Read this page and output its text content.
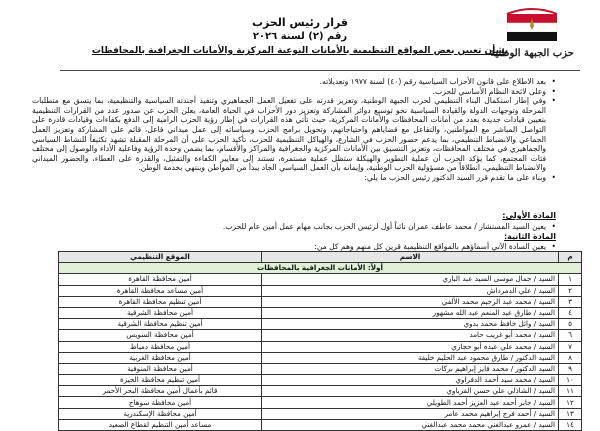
حزب الجبهة الوطنية
قرار رئيس الحزب
رقم (٢) لسنة ٢٠٢٦
بشأن تعيين بعض المواقع التنظيمية بالأمانات النوعية المركزية والأمانات الجغرافية بالمحافظات

• بعد الاطلاع على قانون الأحزاب السياسية رقم (٤٠) لسنة ١٩٧٧ وتعديلاته.

• وعلى لائحة النظام الأساسي للحزب.

• وفي إطار استكمال البناء التنظيمي لحزب الجبهة الوطنية، وتعزيز قدرته على تفعيل العمل الجماهيري وتنفيذ أجندته السياسية والتنظيمية، بما يتسق مع متطلبات المرحلة وتوجهات الدولة والقيادة السياسية نحو توسيع دوائر المشاركة وتعزيز دور الأحزاب في الحياة العامة، يعلن الحزب عن صدور عدد من القرارات التنظيمية بتعيين قيادات جديدة بعدد من أمانات المحافظات والأمانات المركزية، حيث تأتي هذه القرارات في إطار رؤية الحزب الرامية إلى الدفع بكفاءات وقيادات قادرة على التواصل المباشر مع المواطنين، والتفاعل مع قضاياهم واحتياجاتهم، وتحويل برامج الحزب وسياساته إلى عمل ميداني فاعل، قائم على المشاركة وتعزيز العمل الجماعي والانضباط التنظيمي، بما يدعم حضور الحزب في الشارع، والهياكل التنظيمية للحزب، تأكيد الحزب على أن المرحلة المقبلة تشهد تكثيفاً للنشاط السياسي والجماهيري في مختلف المحافظات، وتعزيز التنسيق بين الأمانات المركزية والجغرافية والمراكز والأقسام، بما يضمن وحدة الرؤية وفاعلية الأداء والوصول إلى مختلف فئات المجتمع، كما يؤكد الحزب أن عملية التطوير والهيكلة ستظل عملية مستمرة، تستند إلى معايير الكفاءة والتمثيل، والقدرة على العطاء، والحضور الميداني والانضباط التنظيمي، انطلاقاً من مسؤولية الحزب الوطنية، وإيمانه بأن العمل السياسي الجاد يبدأ من المواطن وينتهي بخدمة الوطن.

• وبناء على ما تقدم قرر السيد الدكتور رئيس الحزب ما يلي:

المادة الأولى:
• يعين السيد المستشار / محمد عاطف عمران نائباً أول لرئيس الحزب بجانب مهام عمل أمين عام للحزب.
المادة الثانية:
• يعين السادة الآتي أسماؤهم بالمواقع التنظيمية قرين كل منهم وهم كل من:
م	الاسم	الموقع التنظيمي
أولاً: الأمانات الجغرافية بالمحافظات		
١	السيد / جمال موسى السيد عبد الباري	أمين محافظة القاهرة
٢	السيد / علي الدمرداش	أمين مساعد محافظة القاهرة
٣	السيد / محمد عبد الرحيم محمد الألفي	أمين تنظيم محافظة القاهرة
٤	السيد / طارق عبد المنعم عبد الله مشهور	أمين محافظة الشرقية
٥	السيد / وائل حافظ محمد بدوي	أمين تنظيم محافظة الشرقية
٦	السيد / محمد أبو غريب حامد	أمين محافظة السويس
٧	السيد / محمد علي عبده أبو حجازي	أمين محافظة دمياط
٨	السيد الدكتور / طارق محمود عبد الحليم خليفة	أمين محافظة الغربية
٩	السيد الدكتور / محمد فايز إبراهيم بركات	أمين محافظة المنوفية
١٠	السيد / محمد سيد أحمد الدفراوي	أمين تنظيم محافظة الجيزة
١١	السيد / الشاذلي علي حسن القرباوي	قائم بأعمال أمين محافظة البحر الأحمر
١٢	السيد / جابر أحمد عبد العزيز أحمد الطويلي	أمين محافظة سوهاج
١٣	السيد / أحمد فرج إبراهيم محمد عامر	أمين محافظة الإسكندرية
١٤	السيد / عمرو عبدالغني محمد محمد عبدالغني	مساعد أمين التنظيم لقطاع الصعيد
